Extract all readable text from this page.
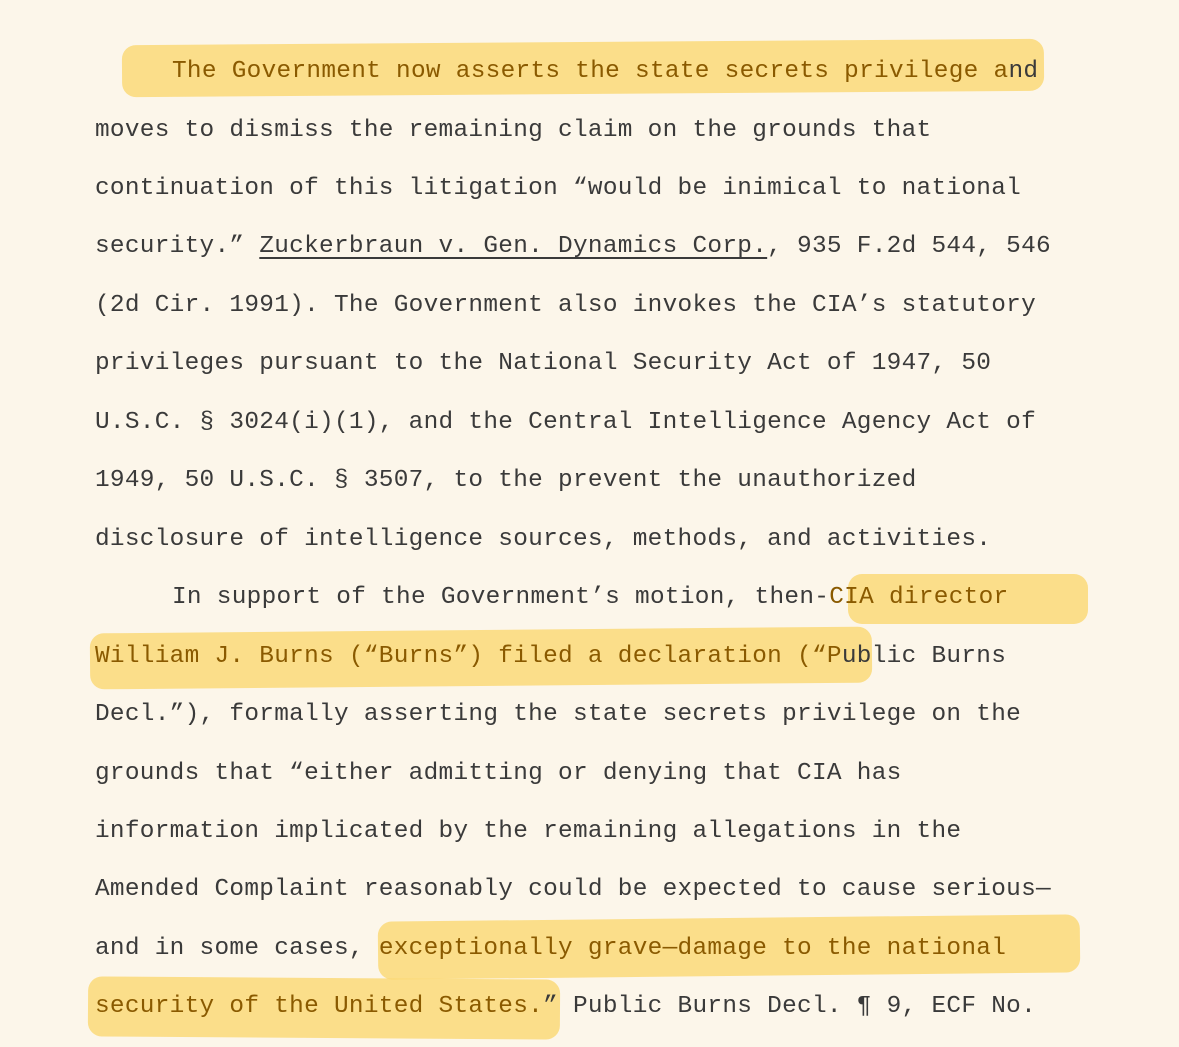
The Government now asserts the state secrets privilege and
moves to dismiss the remaining claim on the grounds that
continuation of this litigation “would be inimical to national
security.” Zuckerbraun v. Gen. Dynamics Corp., 935 F.2d 544, 546
(2d Cir. 1991). The Government also invokes the CIA’s statutory
privileges pursuant to the National Security Act of 1947, 50
U.S.C. § 3024(i)(1), and the Central Intelligence Agency Act of
1949, 50 U.S.C. § 3507, to the prevent the unauthorized
disclosure of intelligence sources, methods, and activities.
In support of the Government’s motion, then-CIA director
William J. Burns (“Burns”) filed a declaration (“Public Burns
Decl.”), formally asserting the state secrets privilege on the
grounds that “either admitting or denying that CIA has
information implicated by the remaining allegations in the
Amended Complaint reasonably could be expected to cause serious—
and in some cases, exceptionally grave—damage to the national
security of the United States.” Public Burns Decl. ¶ 9, ECF No.
